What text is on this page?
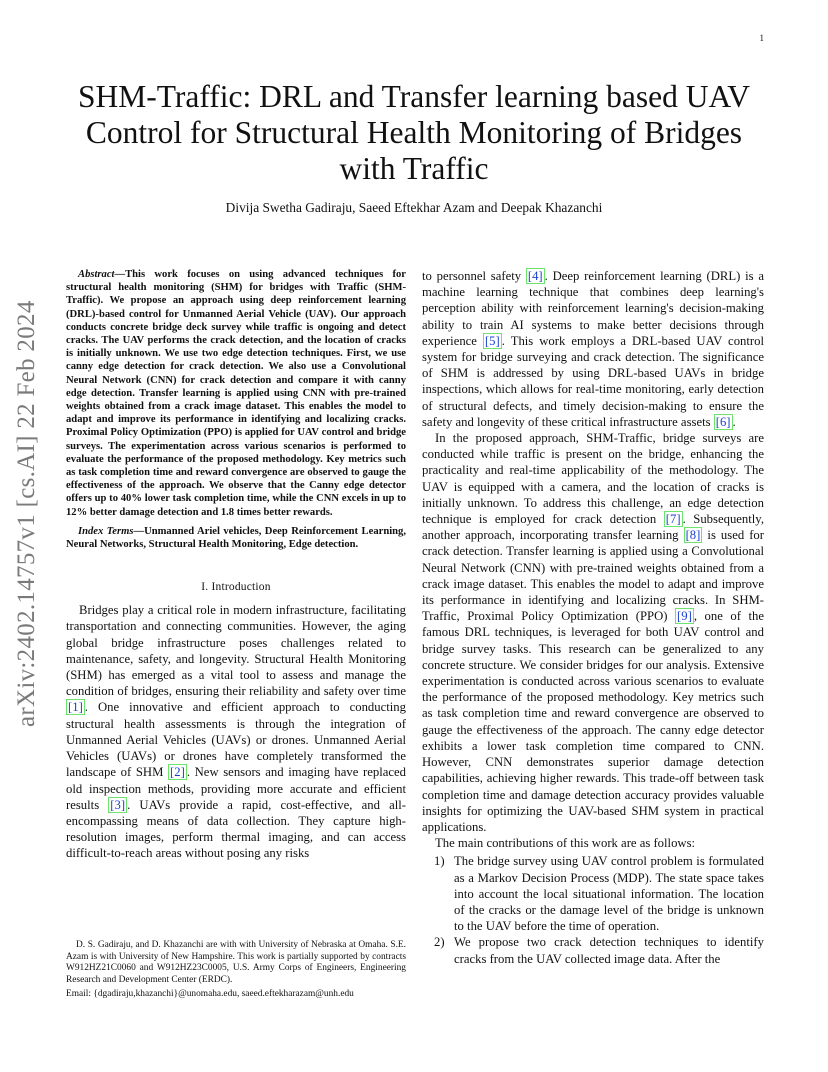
1
arXiv:2402.14757v1 [cs.AI] 22 Feb 2024
SHM-Traffic: DRL and Transfer learning based UAV Control for Structural Health Monitoring of Bridges with Traffic
Divija Swetha Gadiraju, Saeed Eftekhar Azam and Deepak Khazanchi

Abstract—This work focuses on using advanced techniques for structural health monitoring (SHM) for bridges with Traffic (SHM-Traffic). We propose an approach using deep reinforcement learning (DRL)-based control for Unmanned Aerial Vehicle (UAV). Our approach conducts concrete bridge deck survey while traffic is ongoing and detect cracks. The UAV performs the crack detection, and the location of cracks is initially unknown. We use two edge detection techniques. First, we use canny edge detection for crack detection. We also use a Convolutional Neural Network (CNN) for crack detection and compare it with canny edge detection. Transfer learning is applied using CNN with pre-trained weights obtained from a crack image dataset. This enables the model to adapt and improve its performance in identifying and localizing cracks. Proximal Policy Optimization (PPO) is applied for UAV control and bridge surveys. The experimentation across various scenarios is performed to evaluate the performance of the proposed methodology. Key metrics such as task completion time and reward convergence are observed to gauge the effectiveness of the approach. We observe that the Canny edge detector offers up to 40% lower task completion time, while the CNN excels in up to 12% better damage detection and 1.8 times better rewards.

Index Terms—Unmanned Ariel vehicles, Deep Reinforcement Learning, Neural Networks, Structural Health Monitoring, Edge detection.

I. Introduction

Bridges play a critical role in modern infrastructure, facilitating transportation and connecting communities. However, the aging global bridge infrastructure poses challenges related to maintenance, safety, and longevity. Structural Health Monitoring (SHM) has emerged as a vital tool to assess and manage the condition of bridges, ensuring their reliability and safety over time [1] . One innovative and efficient approach to conducting structural health assessments is through the integration of Unmanned Aerial Vehicles (UAVs) or drones. Unmanned Aerial Vehicles (UAVs) or drones have completely transformed the landscape of SHM [2] . New sensors and imaging have replaced old inspection methods, providing more accurate and efficient results [3] . UAVs provide a rapid, cost-effective, and all-encompassing means of data collection. They capture high-resolution images, perform thermal imaging, and can access difficult-to-reach areas without posing any risks

D. S. Gadiraju, and D. Khazanchi are with with University of Nebraska at Omaha. S.E. Azam is with University of New Hampshire. This work is partially supported by contracts W912HZ21C0060 and W912HZ23C0005, U.S. Army Corps of Engineers, Engineering Research and Development Center (ERDC).

Email: {dgadiraju,khazanchi}@unomaha.edu, saeed.eftekharazam@unh.edu

to personnel safety [4] . Deep reinforcement learning (DRL) is a machine learning technique that combines deep learning's perception ability with reinforcement learning's decision-making ability to train AI systems to make better decisions through experience [5] . This work employs a DRL-based UAV control system for bridge surveying and crack detection. The significance of SHM is addressed by using DRL-based UAVs in bridge inspections, which allows for real-time monitoring, early detection of structural defects, and timely decision-making to ensure the safety and longevity of these critical infrastructure assets [6] .

In the proposed approach, SHM-Traffic, bridge surveys are conducted while traffic is present on the bridge, enhancing the practicality and real-time applicability of the methodology. The UAV is equipped with a camera, and the location of cracks is initially unknown. To address this challenge, an edge detection technique is employed for crack detection [7] . Subsequently, another approach, incorporating transfer learning [8] is used for crack detection. Transfer learning is applied using a Convolutional Neural Network (CNN) with pre-trained weights obtained from a crack image dataset. This enables the model to adapt and improve its performance in identifying and localizing cracks. In SHM-Traffic, Proximal Policy Optimization (PPO) [9] , one of the famous DRL techniques, is leveraged for both UAV control and bridge survey tasks. This research can be generalized to any concrete structure. We consider bridges for our analysis. Extensive experimentation is conducted across various scenarios to evaluate the performance of the proposed methodology. Key metrics such as task completion time and reward convergence are observed to gauge the effectiveness of the approach. The canny edge detector exhibits a lower task completion time compared to CNN. However, CNN demonstrates superior damage detection capabilities, achieving higher rewards. This trade-off between task completion time and damage detection accuracy provides valuable insights for optimizing the UAV-based SHM system in practical applications.

The main contributions of this work are as follows:

1) The bridge survey using UAV control problem is formulated as a Markov Decision Process (MDP). The state space takes into account the local situational information. The location of the cracks or the damage level of the bridge is unknown to the UAV before the time of operation.
2) We propose two crack detection techniques to identify cracks from the UAV collected image data. After the
